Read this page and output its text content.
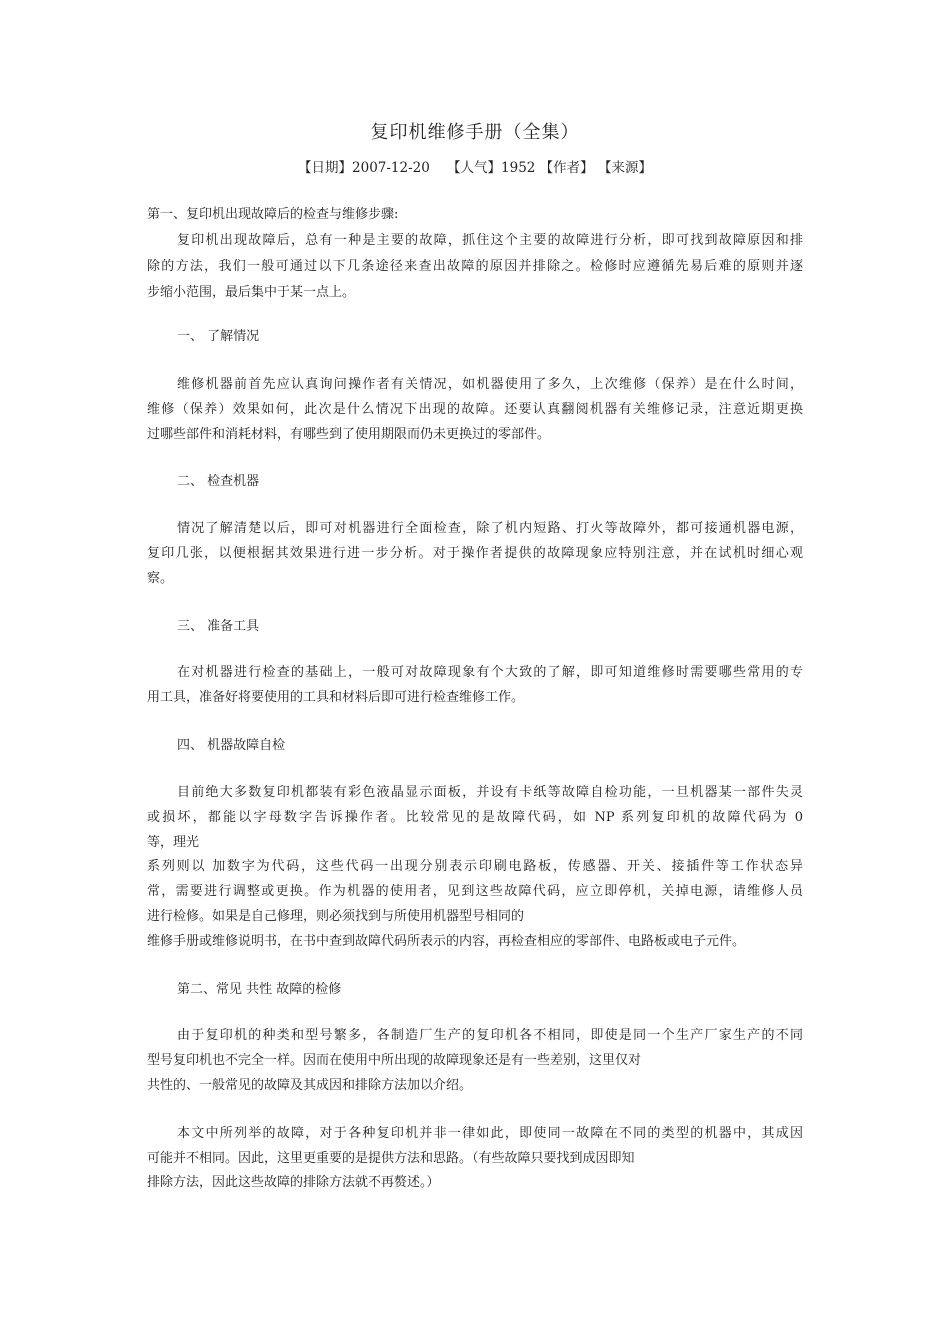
复印机维修手册（全集）
【日期】2007-12-20    【人气】1952 【作者】 【来源】
第一、复印机出现故障后的检查与维修步骤:
复印机出现故障后，总有一种是主要的故障，抓住这个主要的故障进行分析，即可找到故障原因和排
除的方法，我们一般可通过以下几条途径来查出故障的原因并排除之。检修时应遵循先易后难的原则并逐
步缩小范围，最后集中于某一点上。
一、 了解情况
维修机器前首先应认真询问操作者有关情况，如机器使用了多久，上次维修（保养）是在什么时间，
维修（保养）效果如何，此次是什么情况下出现的故障。还要认真翻阅机器有关维修记录，注意近期更换
过哪些部件和消耗材料，有哪些到了使用期限而仍未更换过的零部件。
二、 检查机器
情况了解清楚以后，即可对机器进行全面检查，除了机内短路、打火等故障外，都可接通机器电源，
复印几张，以便根据其效果进行进一步分析。对于操作者提供的故障现象应特别注意，并在试机时细心观
察。
三、 准备工具
在对机器进行检查的基础上，一般可对故障现象有个大致的了解，即可知道维修时需要哪些常用的专
用工具，准备好将要使用的工具和材料后即可进行检查维修工作。
四、 机器故障自检
目前绝大多数复印机都装有彩色液晶显示面板，并设有卡纸等故障自检功能，一旦机器某一部件失灵
或损坏，都能以字母数字告诉操作者。比较常见的是故障代码，如 NP 系列复印机的故障代码为 0
等，理光
系列则以 加数字为代码，这些代码一出现分别表示印刷电路板，传感器、开关、接插件等工作状态异
常，需要进行调整或更换。作为机器的使用者，见到这些故障代码，应立即停机，关掉电源，请维修人员
进行检修。如果是自己修理，则必须找到与所使用机器型号相同的
维修手册或维修说明书，在书中查到故障代码所表示的内容，再检查相应的零部件、电路板或电子元件。
第二、常见 共性 故障的检修
由于复印机的种类和型号繁多，各制造厂生产的复印机各不相同，即使是同一个生产厂家生产的不同
型号复印机也不完全一样。因而在使用中所出现的故障现象还是有一些差别，这里仅对
共性的、一般常见的故障及其成因和排除方法加以介绍。
本文中所列举的故障，对于各种复印机并非一律如此，即使同一故障在不同的类型的机器中，其成因
可能并不相同。因此，这里更重要的是提供方法和思路。（有些故障只要找到成因即知
排除方法，因此这些故障的排除方法就不再赘述。）
